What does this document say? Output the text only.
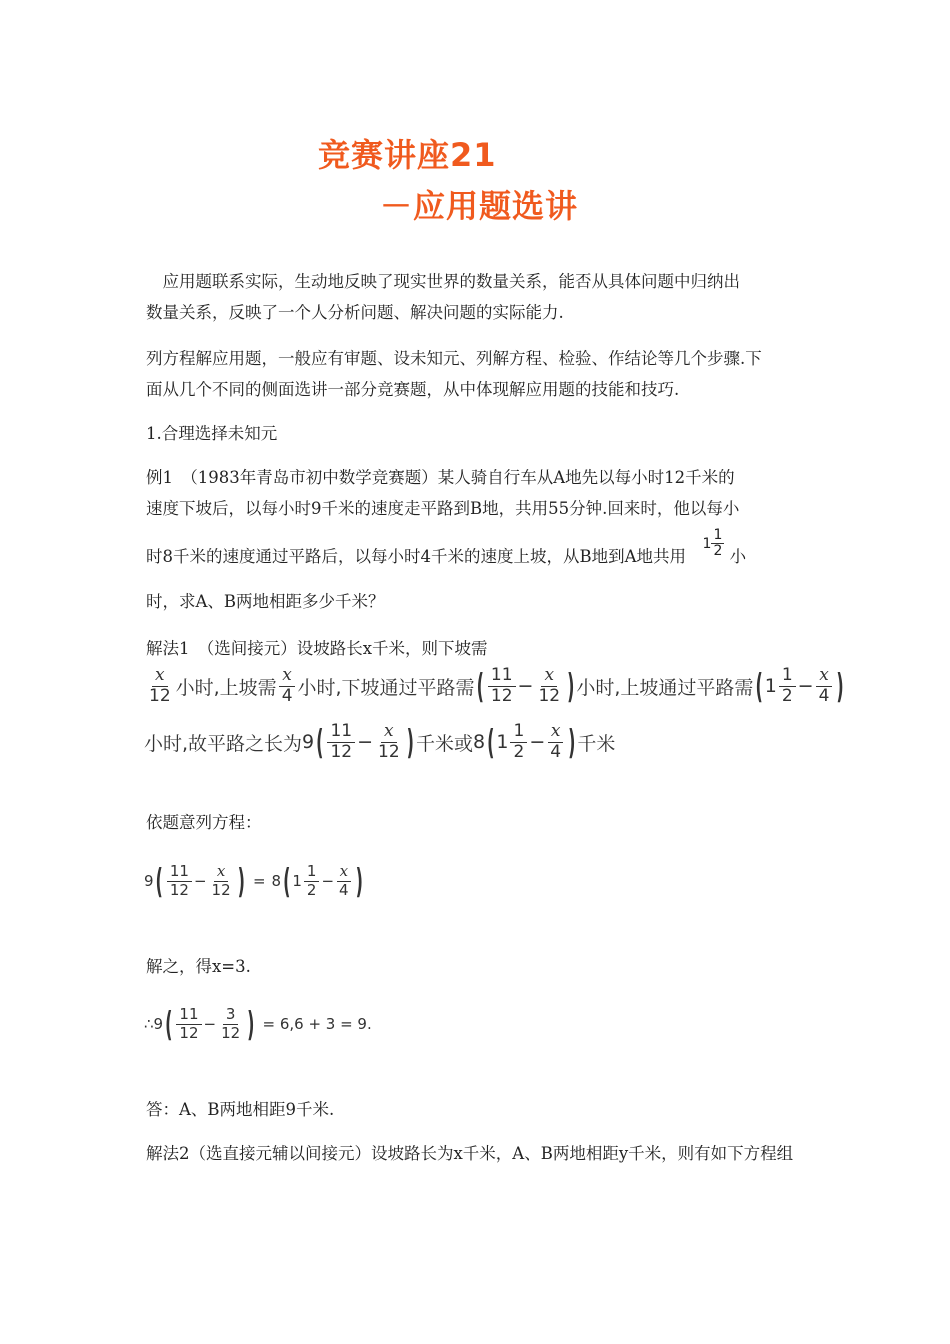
竞赛讲座21
－应用题选讲
　应用题联系实际，生动地反映了现实世界的数量关系，能否从具体问题中归纳出
数量关系，反映了一个人分析问题、解决问题的实际能力.
列方程解应用题，一般应有审题、设未知元、列解方程、检验、作结论等几个步骤.下
面从几个不同的侧面选讲一部分竞赛题，从中体现解应用题的技能和技巧.
1.合理选择未知元
例1　（1983年青岛市初中数学竞赛题）某人骑自行车从A地先以每小时12千米的
速度下坡后，以每小时9千米的速度走平路到B地，共用55分钟.回来时，他以每小
时8千米的速度通过平路后，以每小时4千米的速度上坡，从B地到A地共用  $^1 \frac{1}{2}$ 小
时，求A、B两地相距多少千米？
解法1　（选间接元）设坡路长x千米，则下坡需
$\frac{x}{12}$ 小时,上坡需 $\frac{x}{4}$ 小时,下坡通过平路需 ( $\frac{11}{12} - \frac{x}{12}$
) 小时,上坡通过平路需 ( $1 \frac{1}{2} - \frac{x}{4}$
)
小时,故平路之长为 9 ( $\frac{11}{12} - \frac{x}{12}$
) 千米或 8 ( $1 \frac{1}{2} - \frac{x}{4}$
) 千米
依题意列方程：
9 ( $\frac{11}{12} - \frac{x}{12}$
) = 8 ( $1 \frac{1}{2} - \frac{x}{4}$
)
解之，得x=3.
∴ 9 ( $\frac{11}{12} - \frac{3}{12}$
) = 6,6 + 3 = 9.
答：A、B两地相距9千米.
解法2（选直接元辅以间接元）设坡路长为x千米，A、B两地相距y千米，则有如下方程组
